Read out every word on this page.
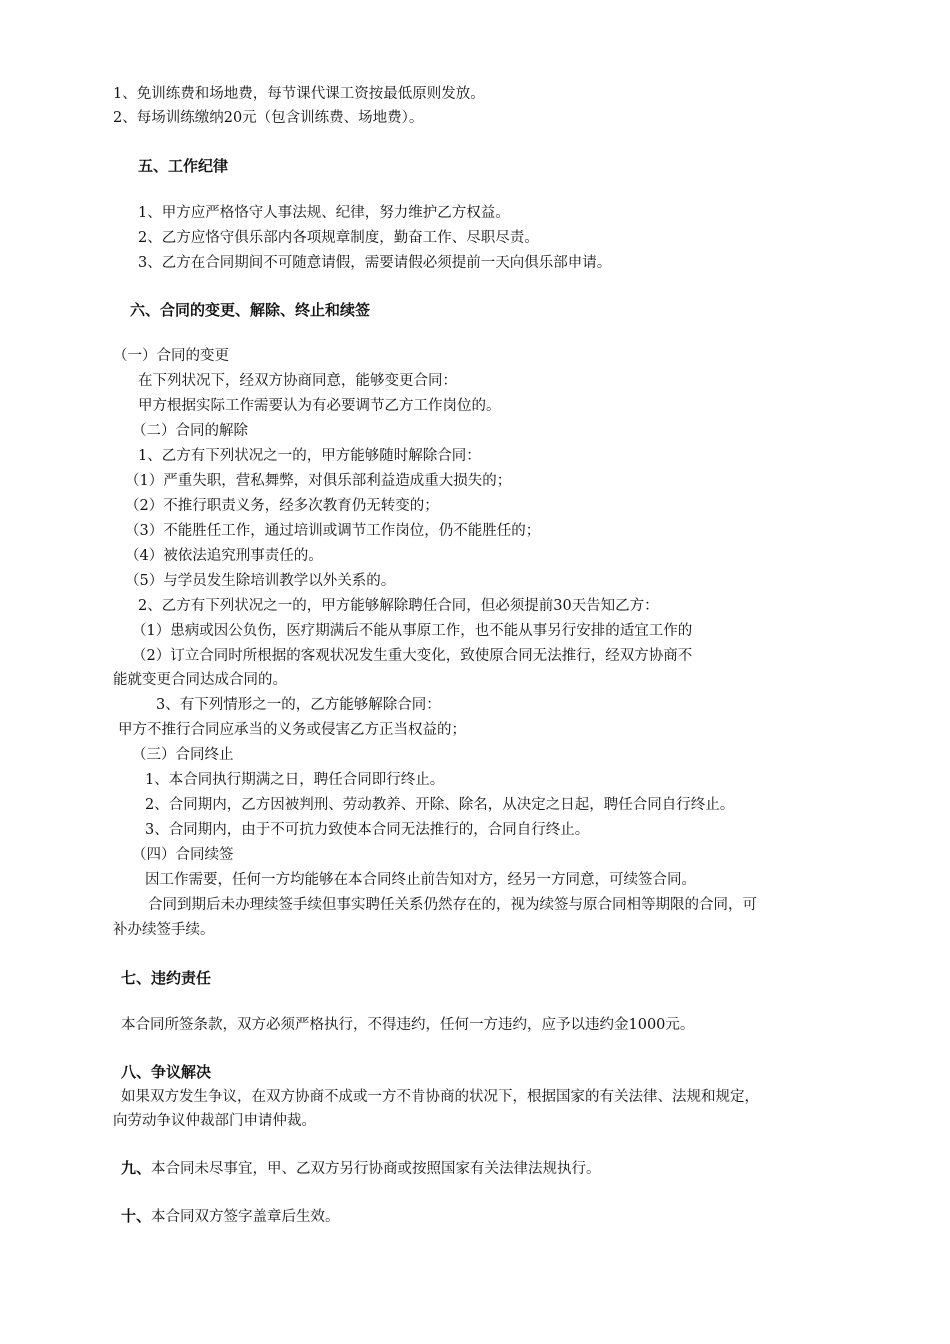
1、免训练费和场地费，每节课代课工资按最低原则发放。
2、每场训练缴纳20元（包含训练费、场地费）。
五、工作纪律
1、甲方应严格恪守人事法规、纪律，努力维护乙方权益。
2、乙方应恪守俱乐部内各项规章制度，勤奋工作、尽职尽责。
3、乙方在合同期间不可随意请假，需要请假必须提前一天向俱乐部申请。
六、合同的变更、解除、终止和续签
（一）合同的变更
在下列状况下，经双方协商同意，能够变更合同：
甲方根据实际工作需要认为有必要调节乙方工作岗位的。
（二）合同的解除
1、乙方有下列状况之一的，甲方能够随时解除合同：
（1）严重失职，营私舞弊，对俱乐部利益造成重大损失的；
（2）不推行职责义务，经多次教育仍无转变的；
（3）不能胜任工作，通过培训或调节工作岗位，仍不能胜任的；
（4）被依法追究刑事责任的。
（5）与学员发生除培训教学以外关系的。
2、乙方有下列状况之一的，甲方能够解除聘任合同，但必须提前30天告知乙方：
（1）患病或因公负伤，医疗期满后不能从事原工作，也不能从事另行安排的适宜工作的
（2）订立合同时所根据的客观状况发生重大变化，致使原合同无法推行，经双方协商不
能就变更合同达成合同的。
3、有下列情形之一的，乙方能够解除合同：
甲方不推行合同应承当的义务或侵害乙方正当权益的；
（三）合同终止
1、本合同执行期满之日，聘任合同即行终止。
2、合同期内，乙方因被判刑、劳动教养、开除、除名，从决定之日起，聘任合同自行终止。
3、合同期内，由于不可抗力致使本合同无法推行的，合同自行终止。
（四）合同续签
因工作需要，任何一方均能够在本合同终止前告知对方，经另一方同意，可续签合同。
合同到期后未办理续签手续但事实聘任关系仍然存在的，视为续签与原合同相等期限的合同，可
补办续签手续。
七、违约责任
本合同所签条款，双方必须严格执行，不得违约，任何一方违约，应予以违约金1000元。
八、争议解决
如果双方发生争议，在双方协商不成或一方不肯协商的状况下，根据国家的有关法律、法规和规定，
向劳动争议仲裁部门申请仲裁。
九、本合同未尽事宜，甲、乙双方另行协商或按照国家有关法律法规执行。
十、本合同双方签字盖章后生效。
